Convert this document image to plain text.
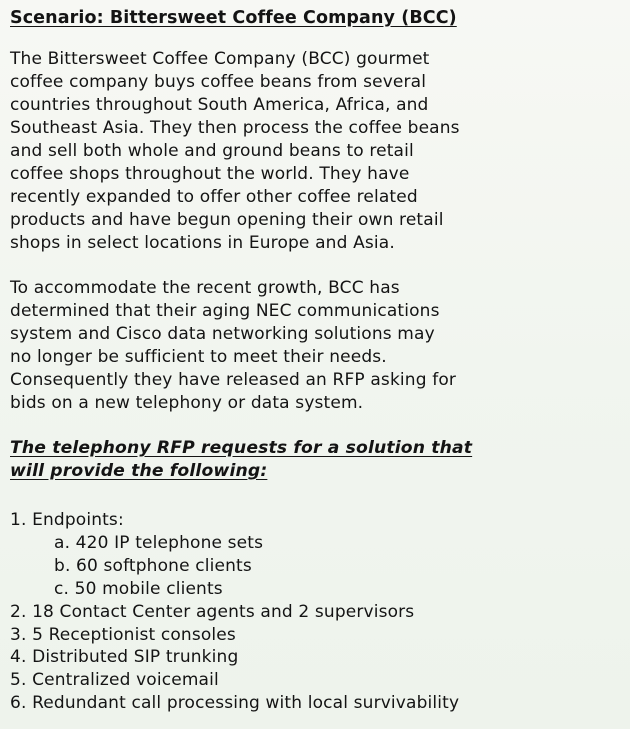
Scenario: Bittersweet Coffee Company (BCC)
The Bittersweet Coffee Company (BCC) gourmet
coffee company buys coffee beans from several
countries throughout South America, Africa, and
Southeast Asia. They then process the coffee beans
and sell both whole and ground beans to retail
coffee shops throughout the world. They have
recently expanded to offer other coffee related
products and have begun opening their own retail
shops in select locations in Europe and Asia.
To accommodate the recent growth, BCC has
determined that their aging NEC communications
system and Cisco data networking solutions may
no longer be sufficient to meet their needs.
Consequently they have released an RFP asking for
bids on a new telephony or data system.
The telephony RFP requests for a solution that
will provide the following:
1. Endpoints:
a. 420 IP telephone sets
b. 60 softphone clients
c. 50 mobile clients
2. 18 Contact Center agents and 2 supervisors
3. 5 Receptionist consoles
4. Distributed SIP trunking
5. Centralized voicemail
6. Redundant call processing with local survivability
